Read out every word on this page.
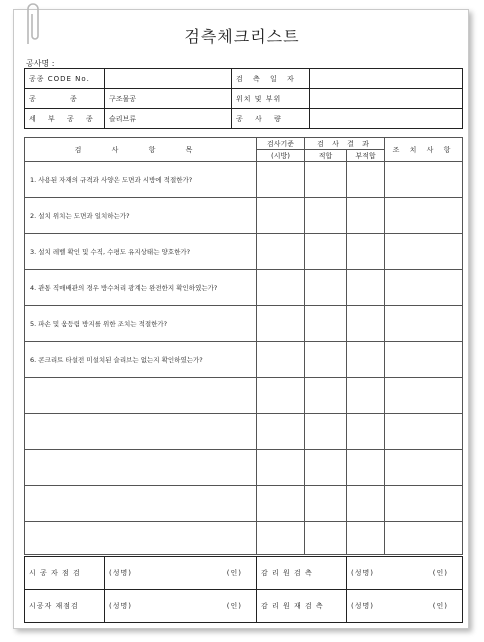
검측체크리스트
공사명 :
공종 CODE No.		검 측 일 자	
공 종	구조물공	위치 및 부위	
세 부 공 종	슬리브류	공 사 량	
검 사 항 목	검사기준	검 사 결 과		조 치 사 항
	(시방)	적합	부적합	
1. 사용된 자재의 규격과 사양은 도면과 시방에 적절한가?				
2. 설치 위치는 도면과 일치하는가?				
3. 설치 레벨 확인 및 수직, 수평도 유지상태는 양호한가?				
4. 관통 직매배관의 경우 방수처리 광계는 완전한지 확인하였는가?				
5. 파손 및 움등림 방지를 위한 조치는 적절한가?				
6. 콘크리트 타설전 미설치된 슬리브는 없는지 확인하였는가?				

시 공 자 점 검	(성명) (인)	감 리 원 검 측	(성명) (인)

시공자 재점검	(성명) (인)	감 리 원 재 검 측	(성명) (인)
